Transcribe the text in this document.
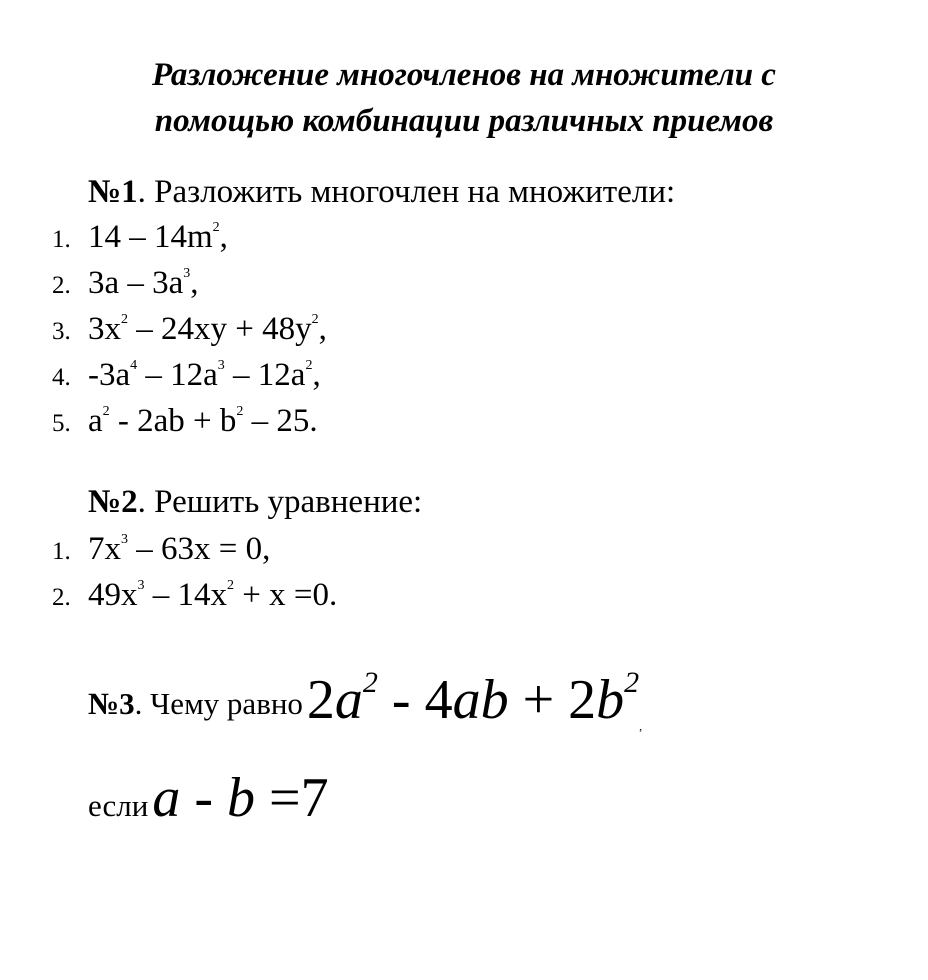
Разложение многочленов на множители с
помощью комбинации различных приемов
№1. Разложить многочлен на множители:
1. $14 - 14m^2$,
2. $3a - 3a^3$,
3. $3x^2 - 24xy + 48y^2$,
4. $-3a^4 - 12a^3 - 12a^2$,
5. $a^2 - 2ab + b^2 - 25$.
№2. Решить уравнение:
1. $7x^3 - 63x = 0$,
2. $49x^3 - 14x^2 + x =0$.
№3. Чему равно $2a^2 - 4ab + 2b^2_,$
если a - b =7
